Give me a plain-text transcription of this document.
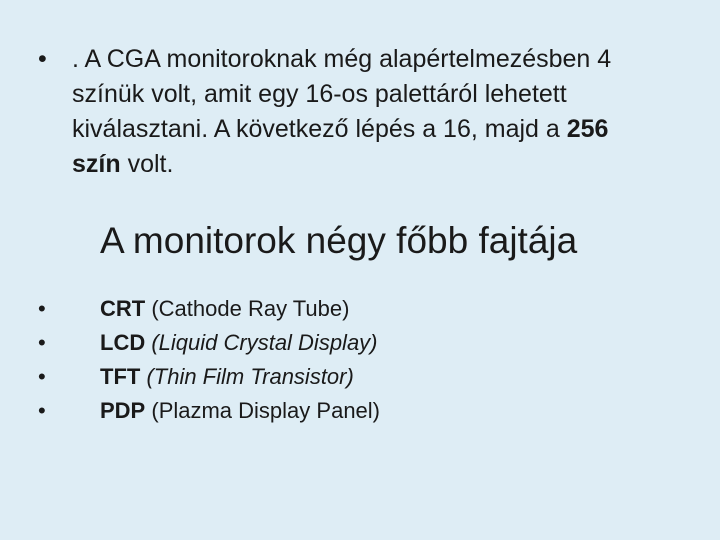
•	. A CGA monitoroknak még alapértelmezésben 4 színük volt, amit egy 16-os palettáról lehetett kiválasztani. A következő lépés a 16, majd a 256
szín volt.
A monitorok négy főbb fajtája
• CRT (Cathode Ray Tube)
• LCD (Liquid Crystal Display)
• TFT (Thin Film Transistor)
• PDP (Plazma Display Panel)
